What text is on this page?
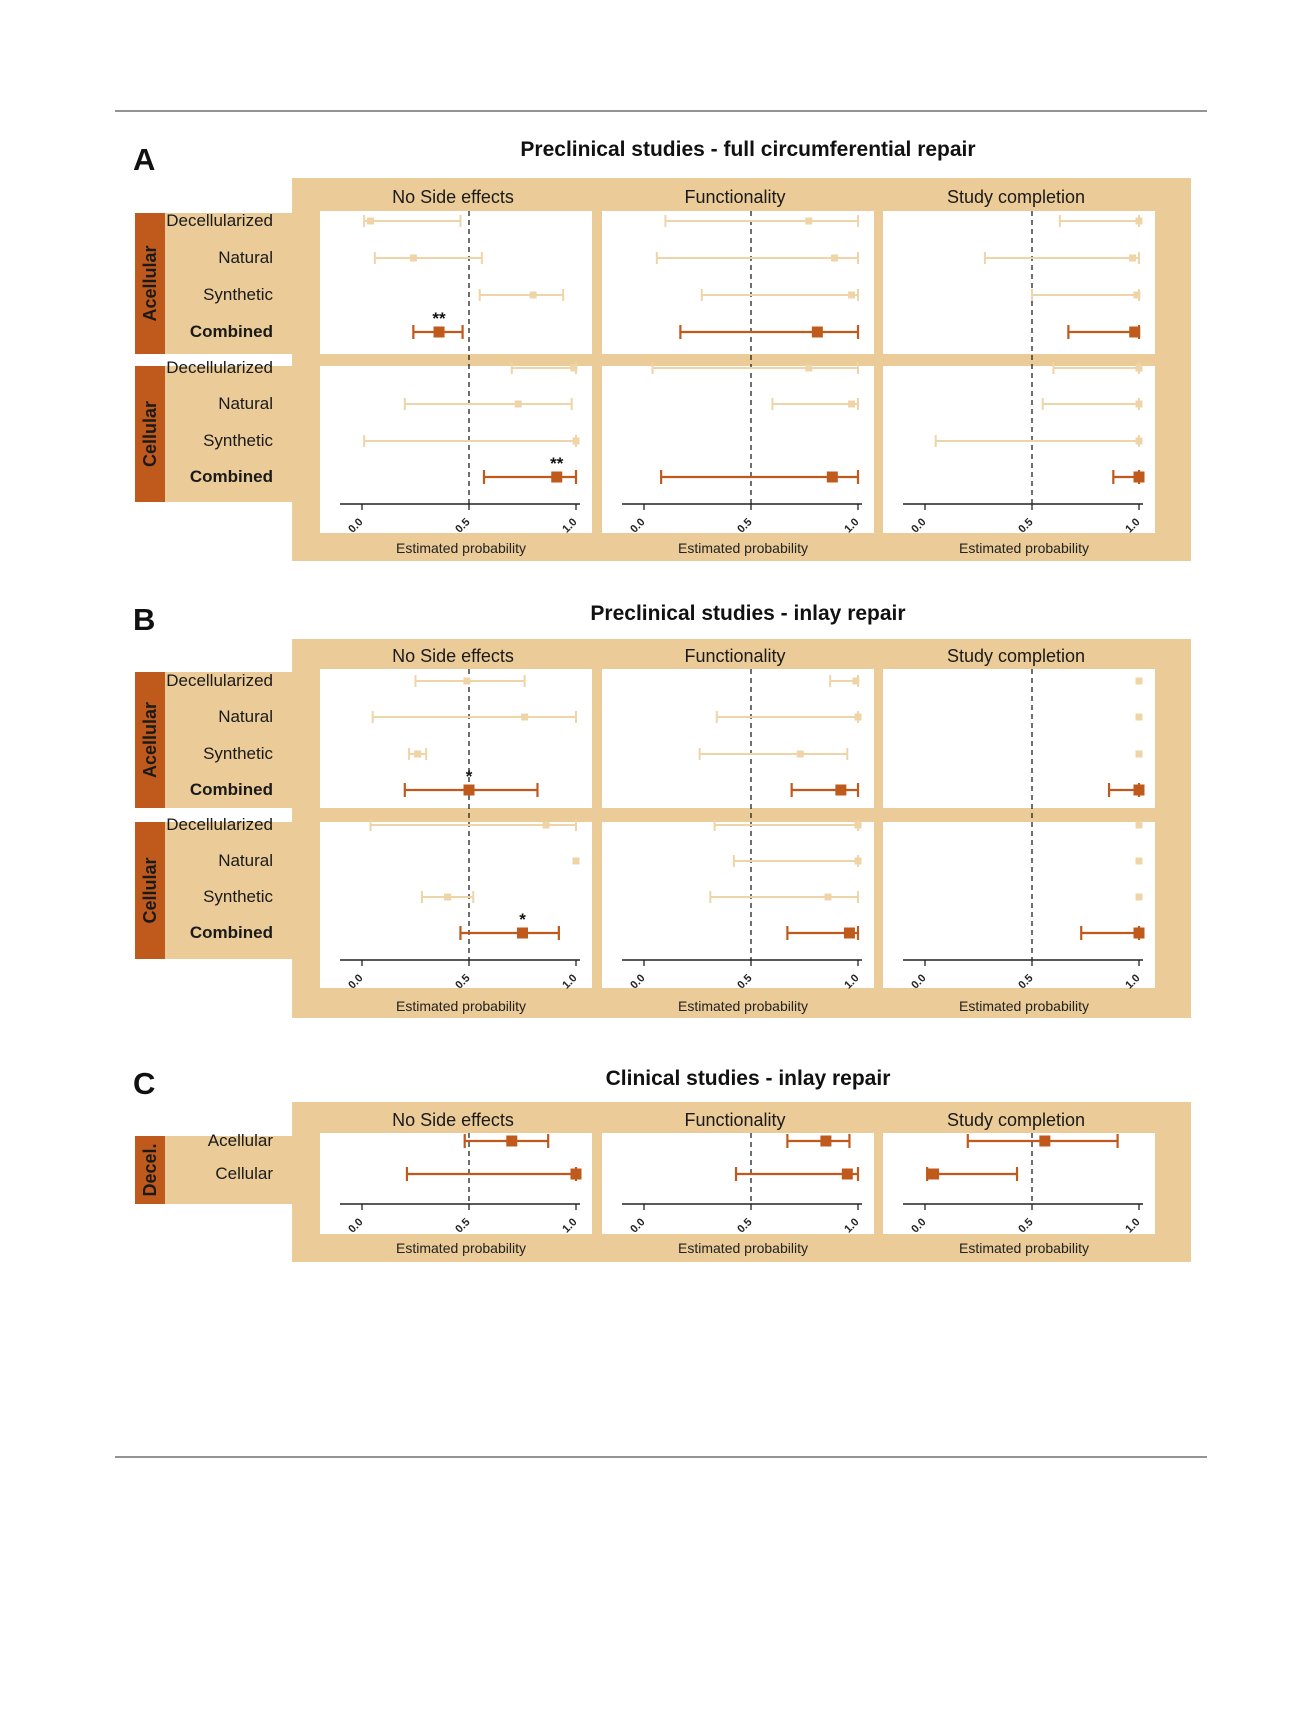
A	Preclinical studies - full circumferential repair
Acellular
Cellular
No Side effects	Functionality	Study completion
0.0	0.5	1.0
Estimated probability
0.0	0.5	1.0
Estimated probability
0.0	0.5	1.0
Estimated probability
Decellularized
Natural
Synthetic
Combined
**
Decellularized
Natural
Synthetic
Combined
**
B	Preclinical studies - inlay repair
Acellular
Cellular
No Side effects	Functionality	Study completion
0.0	0.5	1.0
Estimated probability
0.0	0.5	1.0
Estimated probability
0.0	0.5	1.0
Estimated probability
Decellularized
Natural
Synthetic
Combined
*
Decellularized
Natural
Synthetic
Combined
*
C	Clinical studies - inlay repair
Decel.
No Side effects	Functionality	Study completion
0.0	0.5	1.0
Estimated probability
0.0	0.5	1.0
Estimated probability
0.0	0.5	1.0
Estimated probability
Acellular
Cellular
